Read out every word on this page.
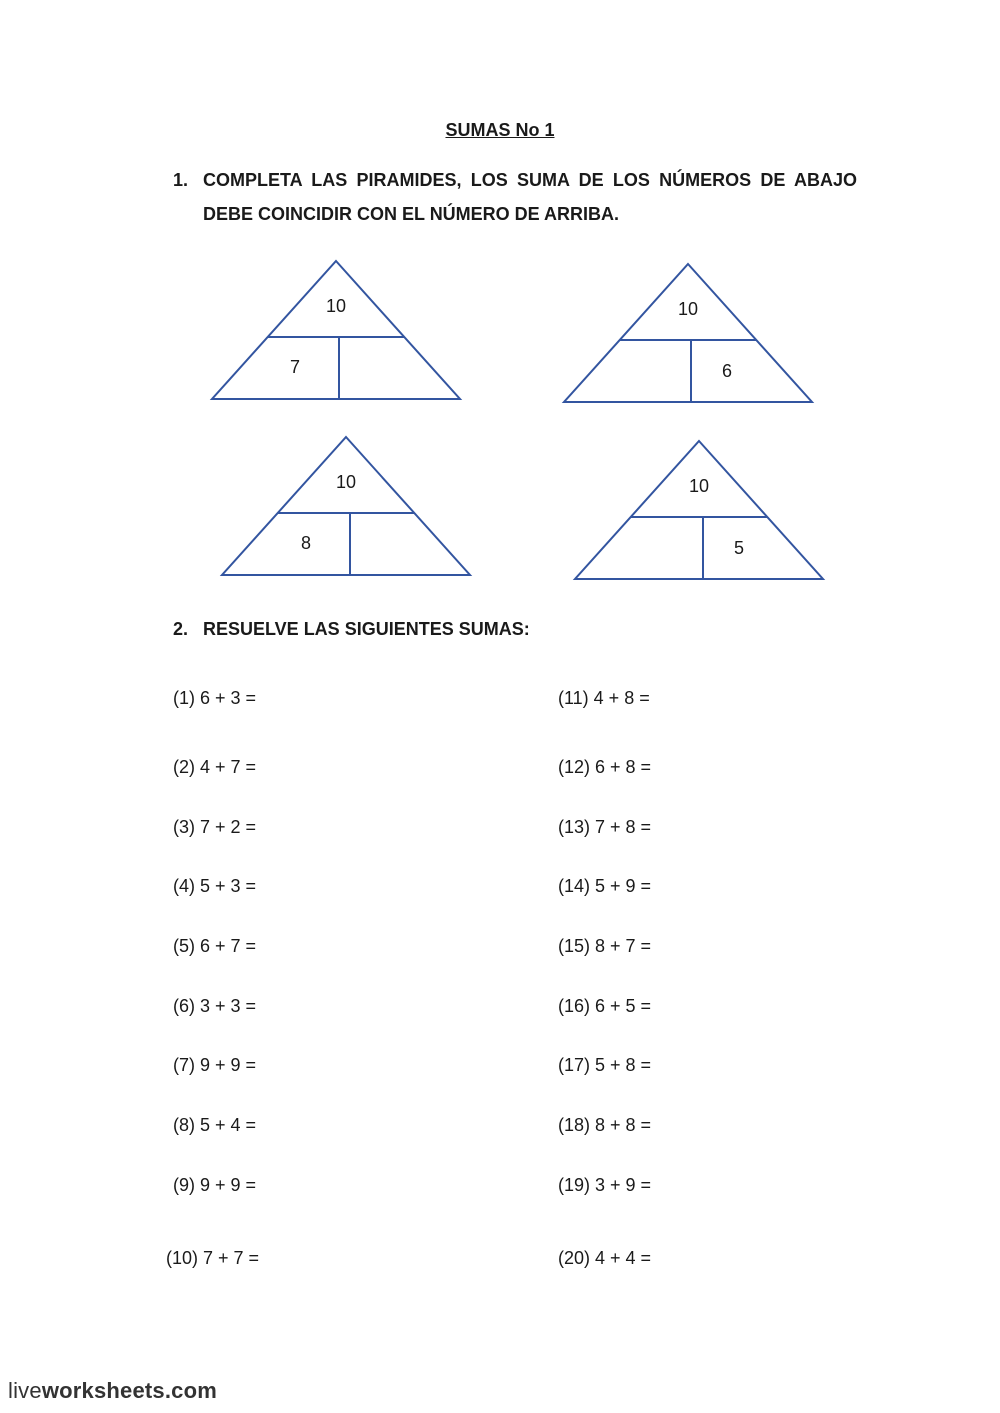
SUMAS No 1
1. COMPLETA LAS PIRAMIDES, LOS SUMA DE LOS NÚMEROS DE ABAJO DEBE COINCIDIR CON EL NÚMERO DE ARRIBA.
10
7
10
6
10
8
10
5
2. RESUELVE LAS SIGUIENTES SUMAS:
(1) 6 + 3 =
(2) 4 + 7 =
(3) 7 + 2 =
(4) 5 + 3 =
(5) 6 + 7 =
(6) 3 + 3 =
(7) 9 + 9 =
(8) 5 + 4 =
(9) 9 + 9 =
(10) 7 + 7 =
(11) 4 + 8 =
(12) 6 + 8 =
(13) 7 + 8 =
(14) 5 + 9 =
(15) 8 + 7 =
(16) 6 + 5 =
(17) 5 + 8 =
(18) 8 + 8 =
(19) 3 + 9 =
(20) 4 + 4 =
liveworksheets.com
